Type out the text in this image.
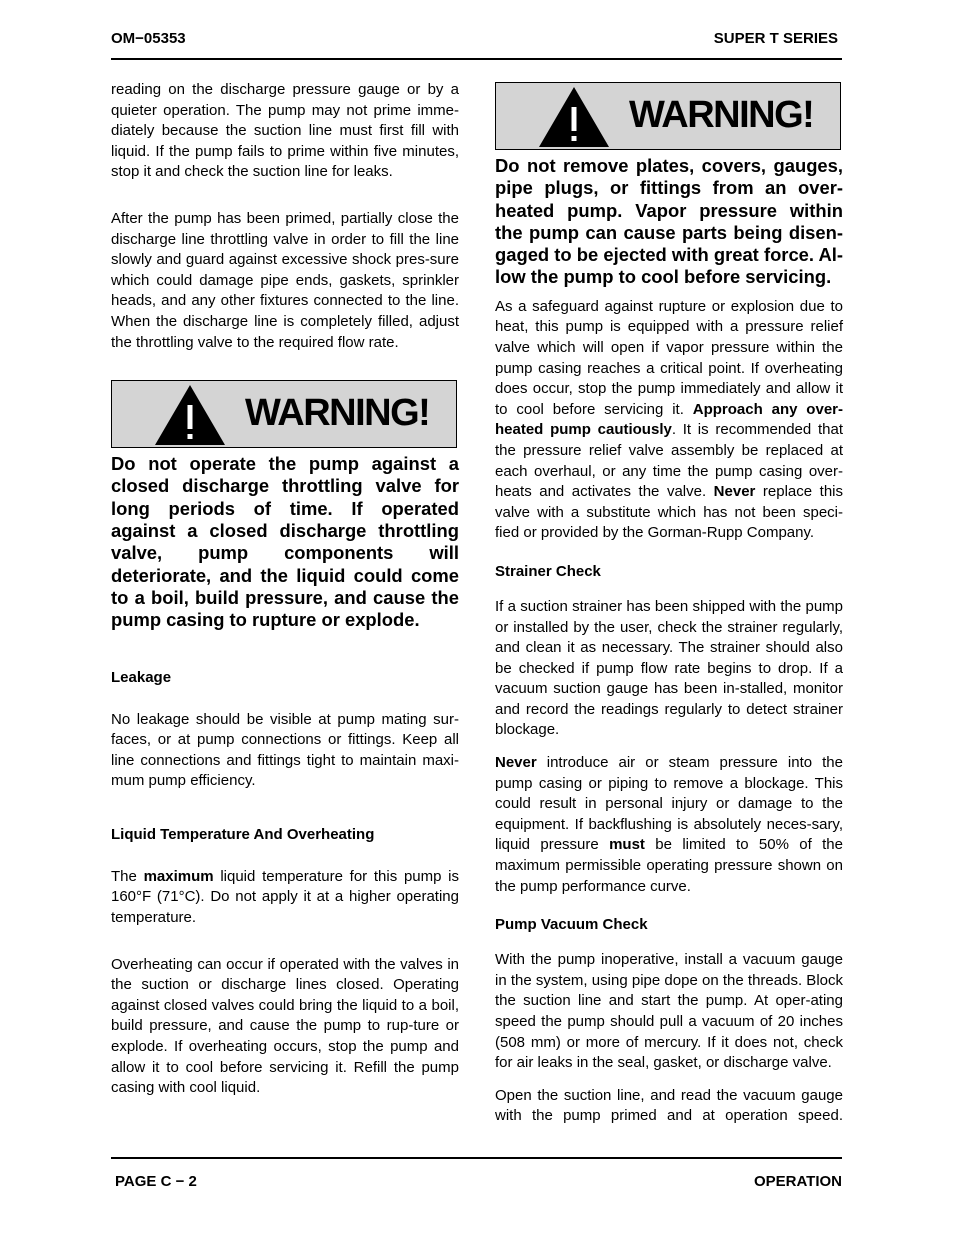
OM−05353	SUPER T SERIES

reading on the discharge pressure gauge or by a quieter operation. The pump may not prime imme-diately because the suction line must first fill with liquid. If the pump fails to prime within five minutes, stop it and check the suction line for leaks.

After the pump has been primed, partially close the discharge line throttling valve in order to fill the line slowly and guard against excessive shock pres-sure which could damage pipe ends, gaskets, sprinkler heads, and any other fixtures connected to the line. When the discharge line is completely filled, adjust the throttling valve to the required flow rate.

WARNING!

Do not operate the pump against a closed discharge throttling valve for long periods of time. If operated against a closed discharge throttling valve, pump components will deteriorate, and the liquid could come to a boil, build pressure, and cause the pump casing to rupture or explode.

Leakage

No leakage should be visible at pump mating sur-faces, or at pump connections or fittings. Keep all line connections and fittings tight to maintain maxi-mum pump efficiency.

Liquid Temperature And Overheating

The maximum liquid temperature for this pump is 160°F (71°C). Do not apply it at a higher operating temperature.

Overheating can occur if operated with the valves in the suction or discharge lines closed. Operating against closed valves could bring the liquid to a boil, build pressure, and cause the pump to rup-ture or explode. If overheating occurs, stop the pump and allow it to cool before servicing it. Refill the pump casing with cool liquid.

WARNING!

Do not remove plates, covers, gauges, pipe plugs, or fittings from an over-heated pump. Vapor pressure within the pump can cause parts being disen-gaged to be ejected with great force. Al-low the pump to cool before servicing.

As a safeguard against rupture or explosion due to heat, this pump is equipped with a pressure relief valve which will open if vapor pressure within the pump casing reaches a critical point. If overheating does occur, stop the pump immediately and allow it to cool before servicing it. Approach any over-heated pump cautiously. It is recommended that the pressure relief valve assembly be replaced at each overhaul, or any time the pump casing over-heats and activates the valve. Never replace this valve with a substitute which has not been speci-fied or provided by the Gorman-Rupp Company.

Strainer Check

If a suction strainer has been shipped with the pump or installed by the user, check the strainer regularly, and clean it as necessary. The strainer should also be checked if pump flow rate begins to drop. If a vacuum suction gauge has been in-stalled, monitor and record the readings regularly to detect strainer blockage.

Never introduce air or steam pressure into the pump casing or piping to remove a blockage. This could result in personal injury or damage to the equipment. If backflushing is absolutely neces-sary, liquid pressure must be limited to 50% of the maximum permissible operating pressure shown on the pump performance curve.

Pump Vacuum Check

With the pump inoperative, install a vacuum gauge in the system, using pipe dope on the threads. Block the suction line and start the pump. At oper-ating speed the pump should pull a vacuum of 20 inches (508 mm) or more of mercury. If it does not, check for air leaks in the seal, gasket, or discharge valve.

Open the suction line, and read the vacuum gauge with the pump primed and at operation speed.

PAGE C − 2	OPERATION
